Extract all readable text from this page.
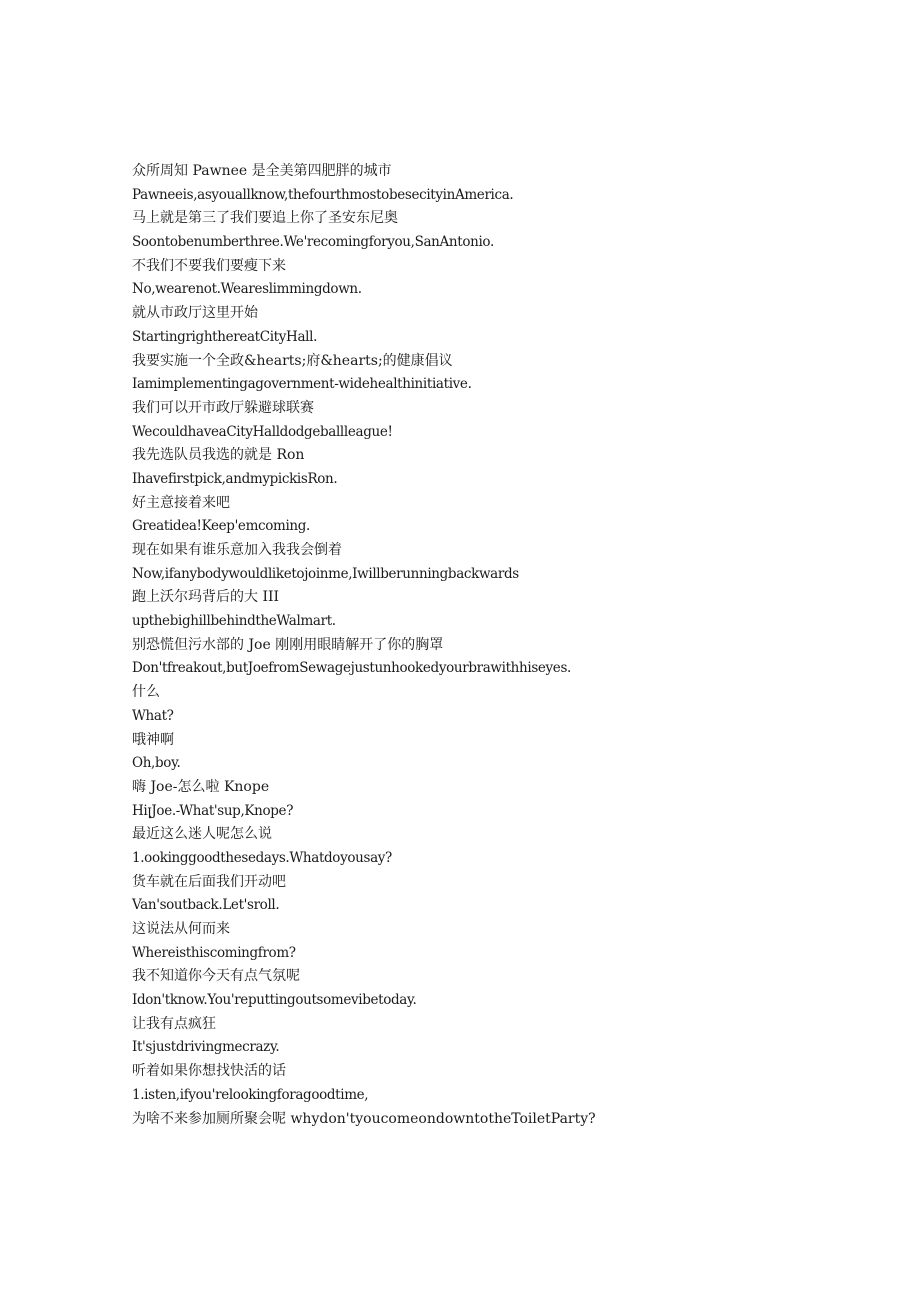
众所周知 Pawnee 是全美第四肥胖的城市
Pawneeis,asyouallknow,thefourthmostobesecityinAmerica.
马上就是第三了我们要追上你了圣安东尼奥
Soontobenumberthree.We'recomingforyou,SanAntonio.
不我们不要我们要瘦下来
No,wearenot.Weareslimmingdown.
就从市政厅这里开始
StartingrighthereatCityHall.
我要实施一个全政&hearts;府&hearts;的健康倡议
Iamimplementingagovernment-widehealthinitiative.
我们可以开市政厅躲避球联赛
WecouldhaveaCityHalldodgeballleague!
我先选队员我选的就是 Ron
Ihavefirstpick,andmypickisRon.
好主意接着来吧
Greatidea!Keep'emcoming.
现在如果有谁乐意加入我我会倒着
Now,ifanybodywouldliketojoinme,Iwillberunningbackwards
跑上沃尔玛背后的大 III
upthebighillbehindtheWalmart.
别恐慌但污水部的 Joe 刚刚用眼睛解开了你的胸罩
Don'tfreakout,butJoefromSewagejustunhookedyourbrawithhiseyes.
什么
What?
哦神啊
Oh,boy.
嗨 Joe-怎么啦 Knope
HiꞁJoe.-What'sup,Knope?
最近这么迷人呢怎么说
1.ookinggoodthesedays.Whatdoyousay?
货车就在后面我们开动吧
Van'soutback.Let'sroll.
这说法从何而来
Whereisthiscomingfrom?
我不知道你今天有点气氛呢
Idon'tknow.You'reputtingoutsomevibetoday.
让我有点疯狂
It'sjustdrivingmecrazy.
听着如果你想找快活的话
1.isten,ifyou'relookingforagoodtime,
为啥不来参加厕所聚会呢 whydon'tyoucomeondowntotheToiletParty?
